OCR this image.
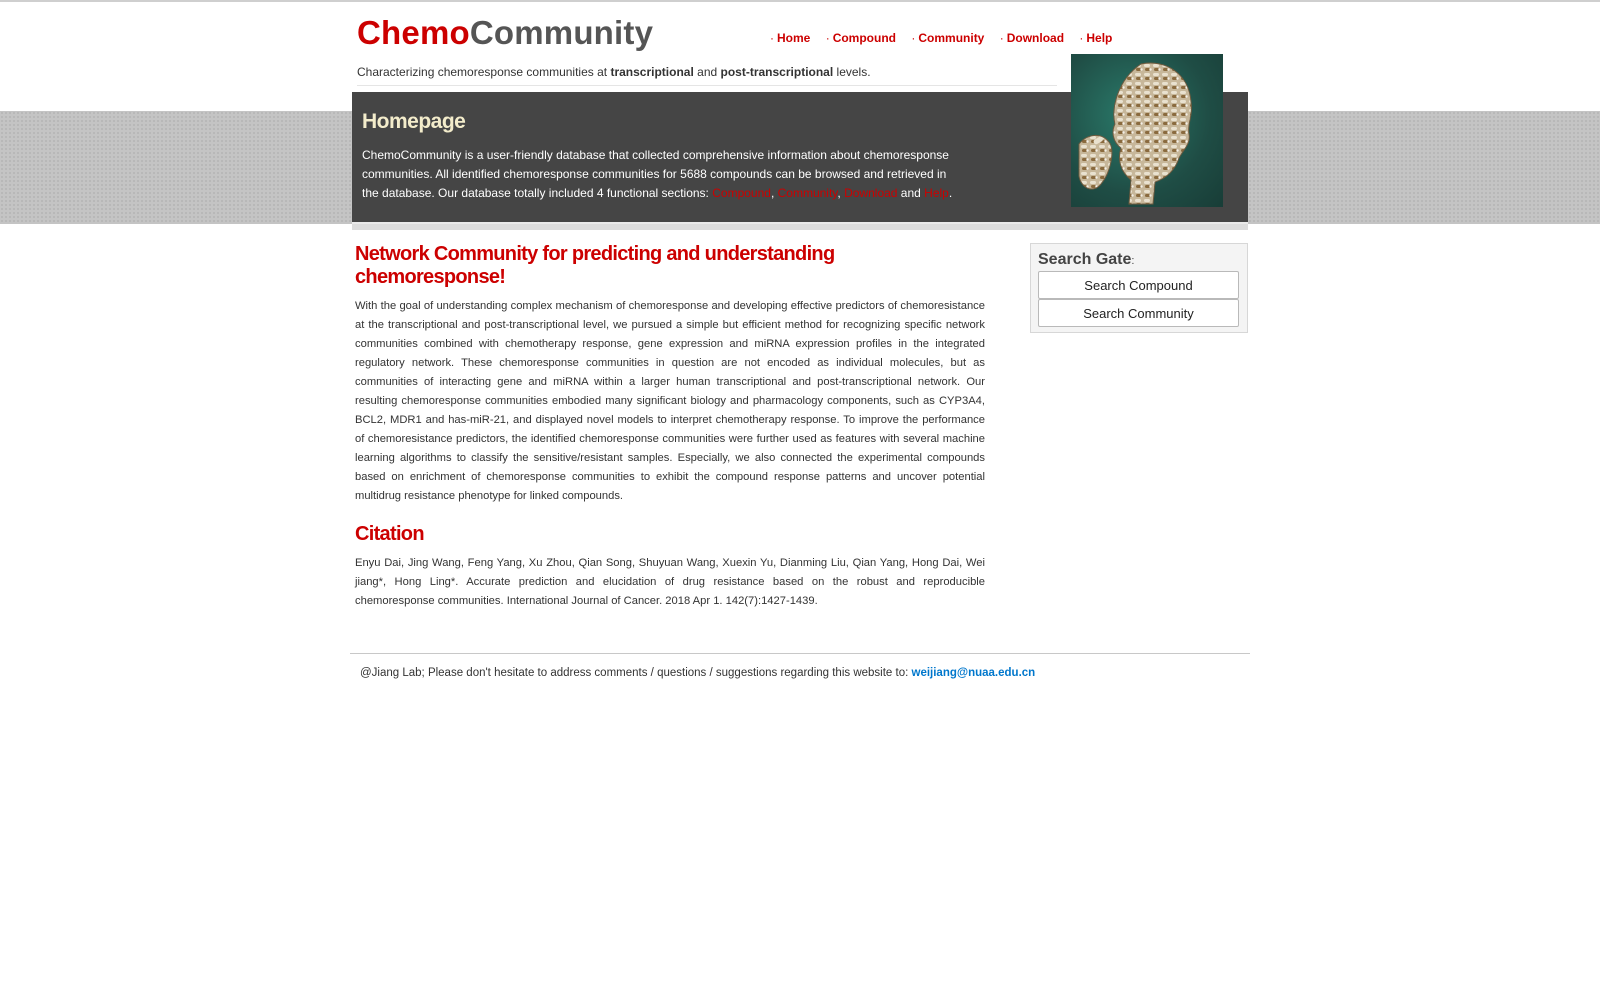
ChemoCommunity	· Home · Compound · Community · Download · Help
Characterizing chemoresponse communities at transcriptional and post-transcriptional levels.
Homepage

ChemoCommunity is a user-friendly database that collected comprehensive information about chemoresponse communities. All identified chemoresponse communities for 5688 compounds can be browsed and retrieved in the database. Our database totally included 4 functional sections: Compound, Community, Download and Help.

Network Community for predicting and understanding chemoresponse!

With the goal of understanding complex mechanism of chemoresponse and developing effective predictors of chemoresistance at the transcriptional and post-transcriptional level, we pursued a simple but efficient method for recognizing specific network communities combined with chemotherapy response, gene expression and miRNA expression profiles in the integrated regulatory network. These chemoresponse communities in question are not encoded as individual molecules, but as communities of interacting gene and miRNA within a larger human transcriptional and post-transcriptional network. Our resulting chemoresponse communities embodied many significant biology and pharmacology components, such as CYP3A4, BCL2, MDR1 and has-miR-21, and displayed novel models to interpret chemotherapy response. To improve the performance of chemoresistance predictors, the identified chemoresponse communities were further used as features with several machine learning algorithms to classify the sensitive/resistant samples. Especially, we also connected the experimental compounds based on enrichment of chemoresponse communities to exhibit the compound response patterns and uncover potential multidrug resistance phenotype for linked compounds.

Citation

Enyu Dai, Jing Wang, Feng Yang, Xu Zhou, Qian Song, Shuyuan Wang, Xuexin Yu, Dianming Liu, Qian Yang, Hong Dai, Wei jiang*, Hong Ling*. Accurate prediction and elucidation of drug resistance based on the robust and reproducible chemoresponse communities. International Journal of Cancer. 2018 Apr 1. 142(7):1427-1439.

Search Gate:
Search Compound
Search Community
@Jiang Lab; Please don't hesitate to address comments / questions / suggestions regarding this website to: weijiang@nuaa.edu.cn
